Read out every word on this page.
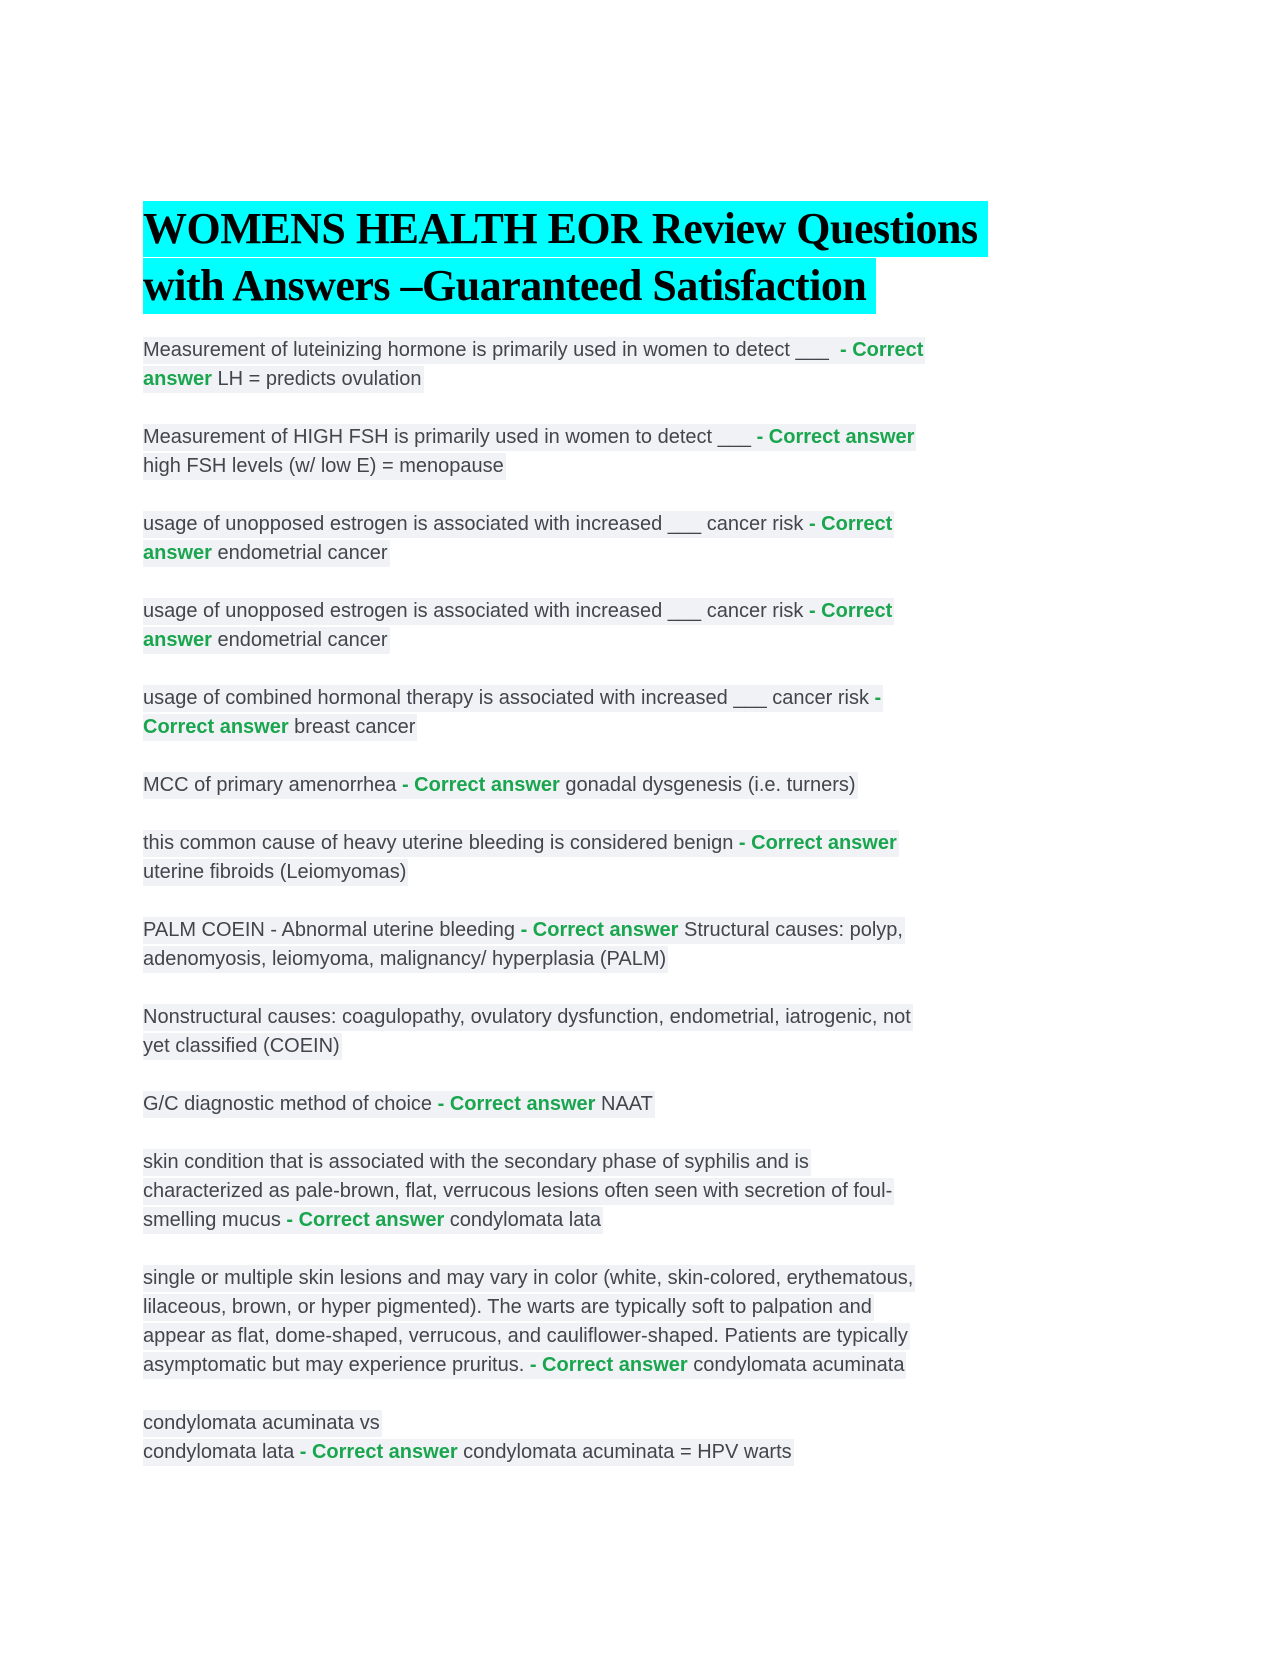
WOMENS HEALTH EOR Review Questions
with Answers –Guaranteed Satisfaction

Measurement of luteinizing hormone is primarily used in women to detect ___  - Correct
answer LH = predicts ovulation

Measurement of HIGH FSH is primarily used in women to detect ___ - Correct answer
high FSH levels (w/ low E) = menopause

usage of unopposed estrogen is associated with increased ___ cancer risk - Correct
answer endometrial cancer

usage of unopposed estrogen is associated with increased ___ cancer risk - Correct
answer endometrial cancer

usage of combined hormonal therapy is associated with increased ___ cancer risk -
Correct answer breast cancer

MCC of primary amenorrhea - Correct answer gonadal dysgenesis (i.e. turners)

this common cause of heavy uterine bleeding is considered benign - Correct answer
uterine fibroids (Leiomyomas)

PALM COEIN - Abnormal uterine bleeding - Correct answer Structural causes: polyp,
adenomyosis, leiomyoma, malignancy/ hyperplasia (PALM)

Nonstructural causes: coagulopathy, ovulatory dysfunction, endometrial, iatrogenic, not
yet classified (COEIN)

G/C diagnostic method of choice - Correct answer NAAT

skin condition that is associated with the secondary phase of syphilis and is
characterized as pale-brown, flat, verrucous lesions often seen with secretion of foul-
smelling mucus - Correct answer condylomata lata

single or multiple skin lesions and may vary in color (white, skin-colored, erythematous,
lilaceous, brown, or hyper pigmented). The warts are typically soft to palpation and
appear as flat, dome-shaped, verrucous, and cauliflower-shaped. Patients are typically
asymptomatic but may experience pruritus. - Correct answer condylomata acuminata

condylomata acuminata vs
condylomata lata - Correct answer condylomata acuminata = HPV warts
